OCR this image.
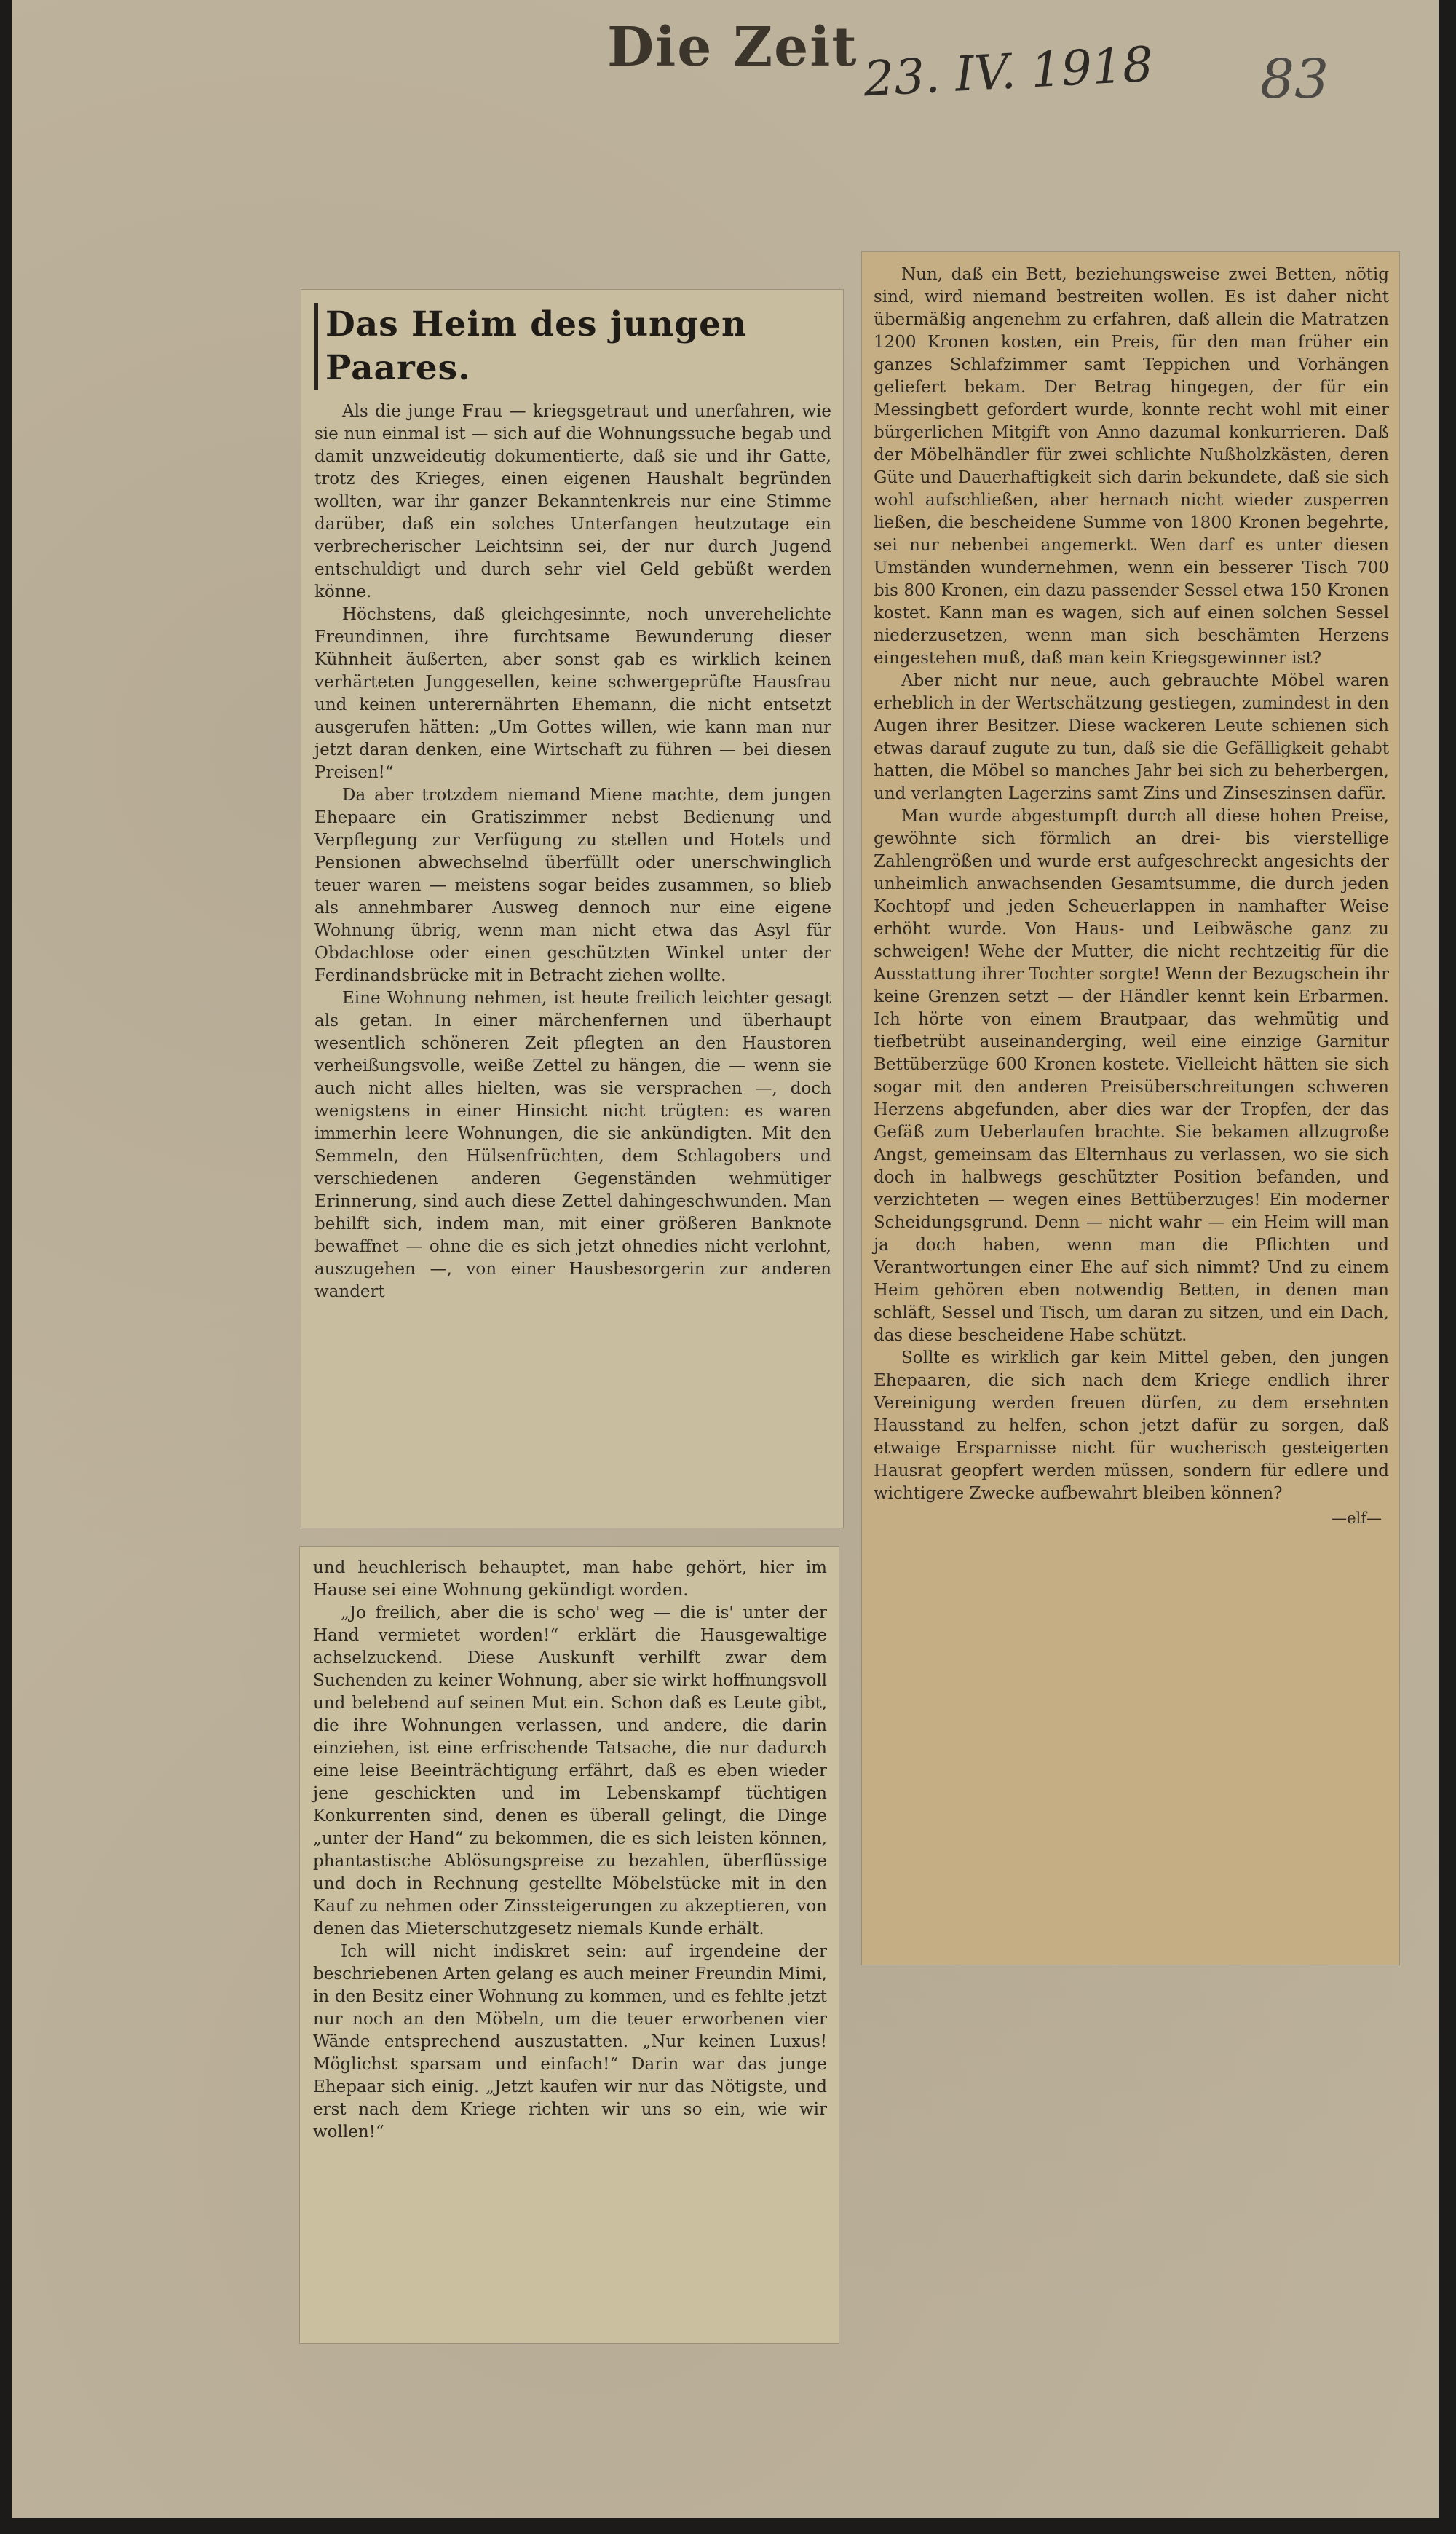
Die Zeit 23. IV. 1918 83
Das Heim des jungen Paares.

Als die junge Frau — kriegsgetraut und unerfahren, wie sie nun einmal ist — sich auf die Wohnungssuche begab und damit unzweideutig dokumentierte, daß sie und ihr Gatte, trotz des Krieges, einen eigenen Haushalt begründen wollten, war ihr ganzer Bekanntenkreis nur eine Stimme darüber, daß ein solches Unterfangen heutzutage ein verbrecherischer Leichtsinn sei, der nur durch Jugend entschuldigt und durch sehr viel Geld gebüßt werden könne.

Höchstens, daß gleichgesinnte, noch unverehelichte Freundinnen, ihre furchtsame Bewunderung dieser Kühnheit äußerten, aber sonst gab es wirklich keinen verhärteten Junggesellen, keine schwergeprüfte Hausfrau und keinen unterernährten Ehemann, die nicht entsetzt ausgerufen hätten: „Um Gottes willen, wie kann man nur jetzt daran denken, eine Wirtschaft zu führen — bei diesen Preisen!“

Da aber trotzdem niemand Miene machte, dem jungen Ehepaare ein Gratiszimmer nebst Bedienung und Verpflegung zur Verfügung zu stellen und Hotels und Pensionen abwechselnd überfüllt oder unerschwinglich teuer waren — meistens sogar beides zusammen, so blieb als annehmbarer Ausweg dennoch nur eine eigene Wohnung übrig, wenn man nicht etwa das Asyl für Obdachlose oder einen geschützten Winkel unter der Ferdinandsbrücke mit in Betracht ziehen wollte.

Eine Wohnung nehmen, ist heute freilich leichter gesagt als getan. In einer märchenfernen und überhaupt wesentlich schöneren Zeit pflegten an den Haustoren verheißungsvolle, weiße Zettel zu hängen, die — wenn sie auch nicht alles hielten, was sie versprachen —, doch wenigstens in einer Hinsicht nicht trügten: es waren immerhin leere Wohnungen, die sie ankündigten. Mit den Semmeln, den Hülsenfrüchten, dem Schlagobers und verschiedenen anderen Gegenständen wehmütiger Erinnerung, sind auch diese Zettel dahingeschwunden. Man behilft sich, indem man, mit einer größeren Banknote bewaffnet — ohne die es sich jetzt ohnedies nicht verlohnt, auszugehen —, von einer Hausbesorgerin zur anderen wandert

und heuchlerisch behauptet, man habe gehört, hier im Hause sei eine Wohnung gekündigt worden.

„Jo freilich, aber die is scho' weg — die is' unter der Hand vermietet worden!“ erklärt die Hausgewaltige achselzuckend. Diese Auskunft verhilft zwar dem Suchenden zu keiner Wohnung, aber sie wirkt hoffnungsvoll und belebend auf seinen Mut ein. Schon daß es Leute gibt, die ihre Wohnungen verlassen, und andere, die darin einziehen, ist eine erfrischende Tatsache, die nur dadurch eine leise Beeinträchtigung erfährt, daß es eben wieder jene geschickten und im Lebenskampf tüchtigen Konkurrenten sind, denen es überall gelingt, die Dinge „unter der Hand“ zu bekommen, die es sich leisten können, phantastische Ablösungspreise zu bezahlen, überflüssige und doch in Rechnung gestellte Möbelstücke mit in den Kauf zu nehmen oder Zinssteigerungen zu akzeptieren, von denen das Mieterschutzgesetz niemals Kunde erhält.

Ich will nicht indiskret sein: auf irgendeine der beschriebenen Arten gelang es auch meiner Freundin Mimi, in den Besitz einer Wohnung zu kommen, und es fehlte jetzt nur noch an den Möbeln, um die teuer erworbenen vier Wände entsprechend auszustatten. „Nur keinen Luxus! Möglichst sparsam und einfach!“ Darin war das junge Ehepaar sich einig. „Jetzt kaufen wir nur das Nötigste, und erst nach dem Kriege richten wir uns so ein, wie wir wollen!“

Nun, daß ein Bett, beziehungsweise zwei Betten, nötig sind, wird niemand bestreiten wollen. Es ist daher nicht übermäßig angenehm zu erfahren, daß allein die Matratzen 1200 Kronen kosten, ein Preis, für den man früher ein ganzes Schlafzimmer samt Teppichen und Vorhängen geliefert bekam. Der Betrag hingegen, der für ein Messingbett gefordert wurde, konnte recht wohl mit einer bürgerlichen Mitgift von Anno dazumal konkurrieren. Daß der Möbelhändler für zwei schlichte Nußholzkästen, deren Güte und Dauerhaftigkeit sich darin bekundete, daß sie sich wohl aufschließen, aber hernach nicht wieder zusperren ließen, die bescheidene Summe von 1800 Kronen begehrte, sei nur nebenbei angemerkt. Wen darf es unter diesen Umständen wundernehmen, wenn ein besserer Tisch 700 bis 800 Kronen, ein dazu passender Sessel etwa 150 Kronen kostet. Kann man es wagen, sich auf einen solchen Sessel niederzusetzen, wenn man sich beschämten Herzens eingestehen muß, daß man kein Kriegsgewinner ist?

Aber nicht nur neue, auch gebrauchte Möbel waren erheblich in der Wertschätzung gestiegen, zumindest in den Augen ihrer Besitzer. Diese wackeren Leute schienen sich etwas darauf zugute zu tun, daß sie die Gefälligkeit gehabt hatten, die Möbel so manches Jahr bei sich zu beherbergen, und verlangten Lagerzins samt Zins und Zinseszinsen dafür.

Man wurde abgestumpft durch all diese hohen Preise, gewöhnte sich förmlich an drei- bis vierstellige Zahlengrößen und wurde erst aufgeschreckt angesichts der unheimlich anwachsenden Gesamtsumme, die durch jeden Kochtopf und jeden Scheuerlappen in namhafter Weise erhöht wurde. Von Haus- und Leibwäsche ganz zu schweigen! Wehe der Mutter, die nicht rechtzeitig für die Ausstattung ihrer Tochter sorgte! Wenn der Bezugschein ihr keine Grenzen setzt — der Händler kennt kein Erbarmen. Ich hörte von einem Brautpaar, das wehmütig und tiefbetrübt auseinanderging, weil eine einzige Garnitur Bettüberzüge 600 Kronen kostete. Vielleicht hätten sie sich sogar mit den anderen Preisüberschreitungen schweren Herzens abgefunden, aber dies war der Tropfen, der das Gefäß zum Ueberlaufen brachte. Sie bekamen allzugroße Angst, gemeinsam das Elternhaus zu verlassen, wo sie sich doch in halbwegs geschützter Position befanden, und verzichteten — wegen eines Bettüberzuges! Ein moderner Scheidungsgrund. Denn — nicht wahr — ein Heim will man ja doch haben, wenn man die Pflichten und Verantwortungen einer Ehe auf sich nimmt? Und zu einem Heim gehören eben notwendig Betten, in denen man schläft, Sessel und Tisch, um daran zu sitzen, und ein Dach, das diese bescheidene Habe schützt.

Sollte es wirklich gar kein Mittel geben, den jungen Ehepaaren, die sich nach dem Kriege endlich ihrer Vereinigung werden freuen dürfen, zu dem ersehnten Hausstand zu helfen, schon jetzt dafür zu sorgen, daß etwaige Ersparnisse nicht für wucherisch gesteigerten Hausrat geopfert werden müssen, sondern für edlere und wichtigere Zwecke aufbewahrt bleiben können?

—elf—
